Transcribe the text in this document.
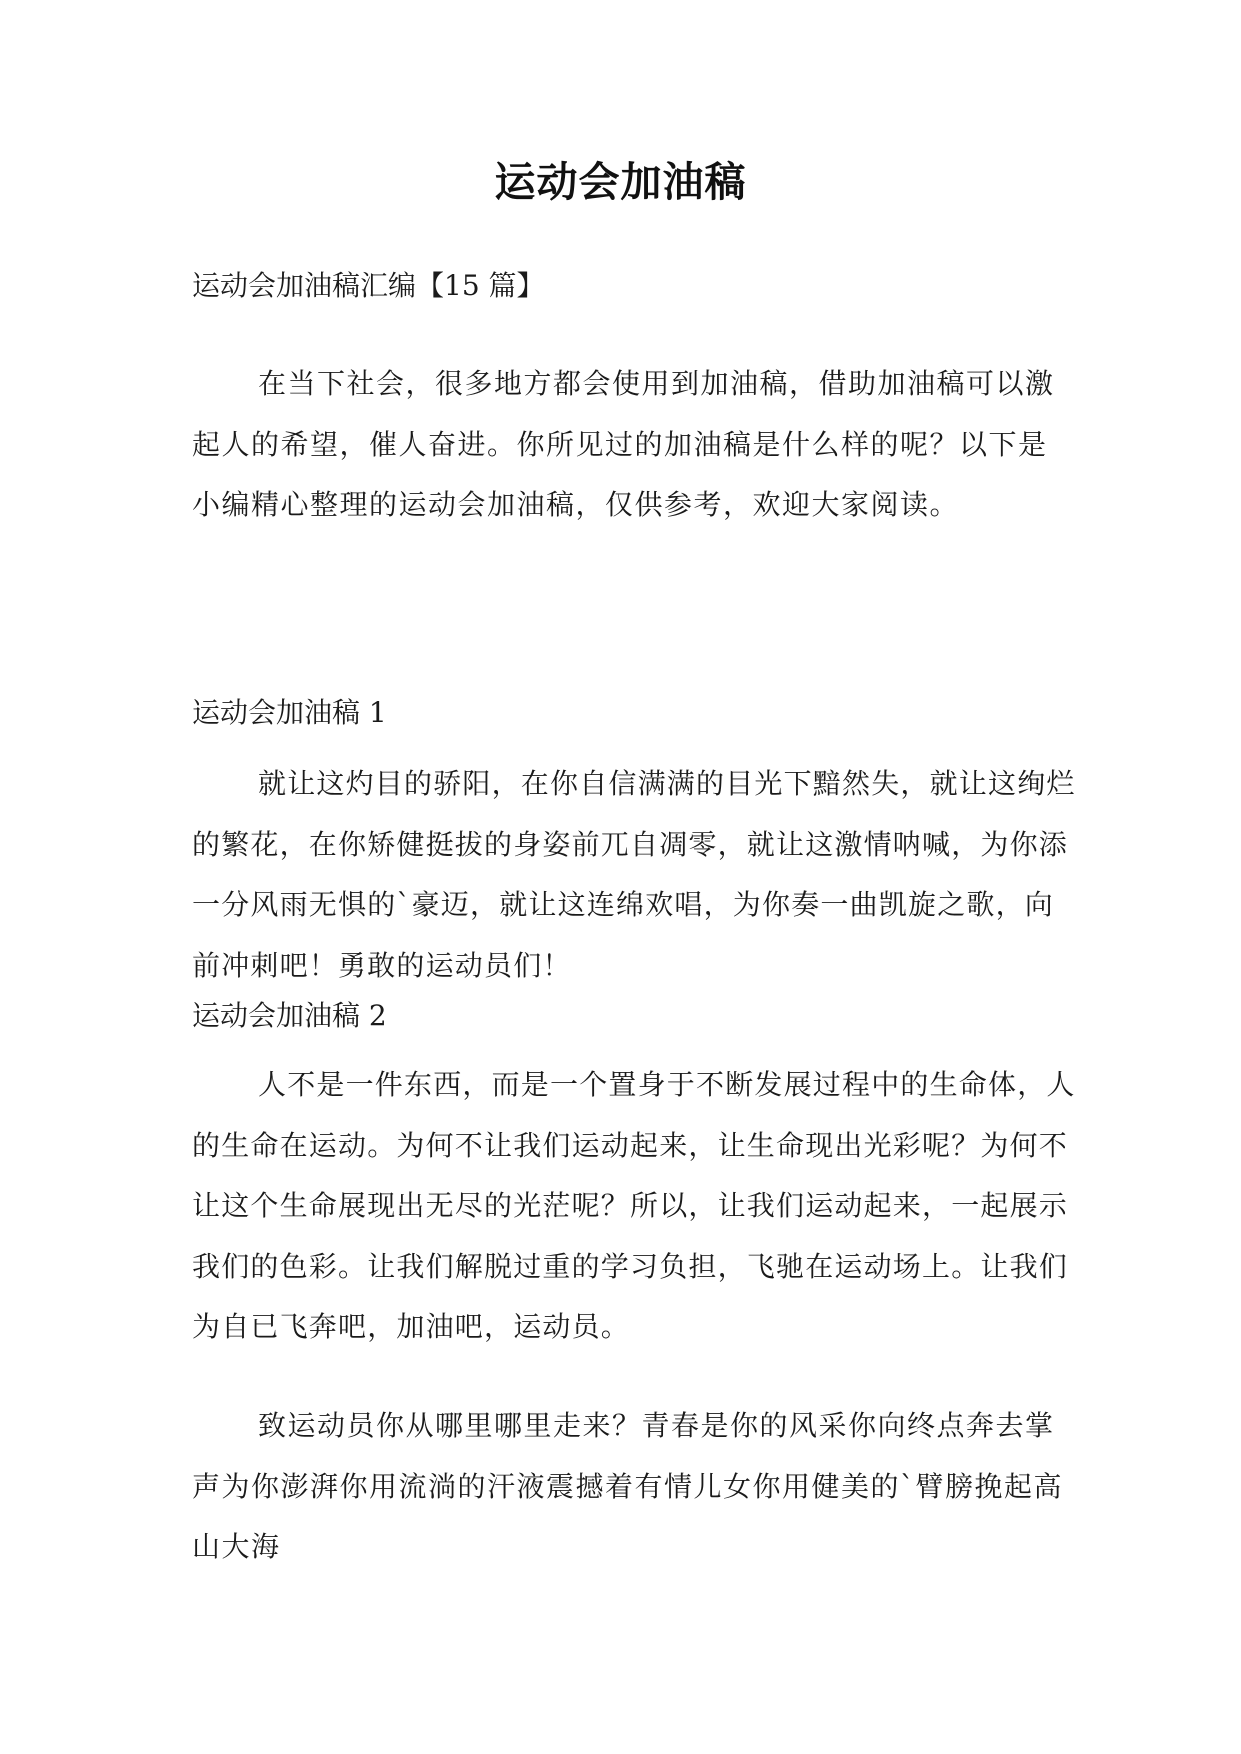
运动会加油稿
运动会加油稿汇编【15 篇】
在当下社会，很多地方都会使用到加油稿，借助加油稿可以激起人的希望，催人奋进。你所见过的加油稿是什么样的呢？以下是小编精心整理的运动会加油稿，仅供参考，欢迎大家阅读。
运动会加油稿 1
就让这灼目的骄阳，在你自信满满的目光下黯然失，就让这绚烂的繁花，在你矫健挺拔的身姿前兀自凋零，就让这激情呐喊，为你添一分风雨无惧的`豪迈，就让这连绵欢唱，为你奏一曲凯旋之歌，向前冲刺吧！勇敢的运动员们！
运动会加油稿 2
人不是一件东西，而是一个置身于不断发展过程中的生命体，人的生命在运动。为何不让我们运动起来，让生命现出光彩呢？为何不让这个生命展现出无尽的光茫呢？所以，让我们运动起来，一起展示我们的色彩。让我们解脱过重的学习负担，飞驰在运动场上。让我们为自已飞奔吧，加油吧，运动员。
致运动员你从哪里哪里走来？青春是你的风采你向终点奔去掌声为你澎湃你用流淌的汗液震撼着有情儿女你用健美的`臂膀挽起高山大海
